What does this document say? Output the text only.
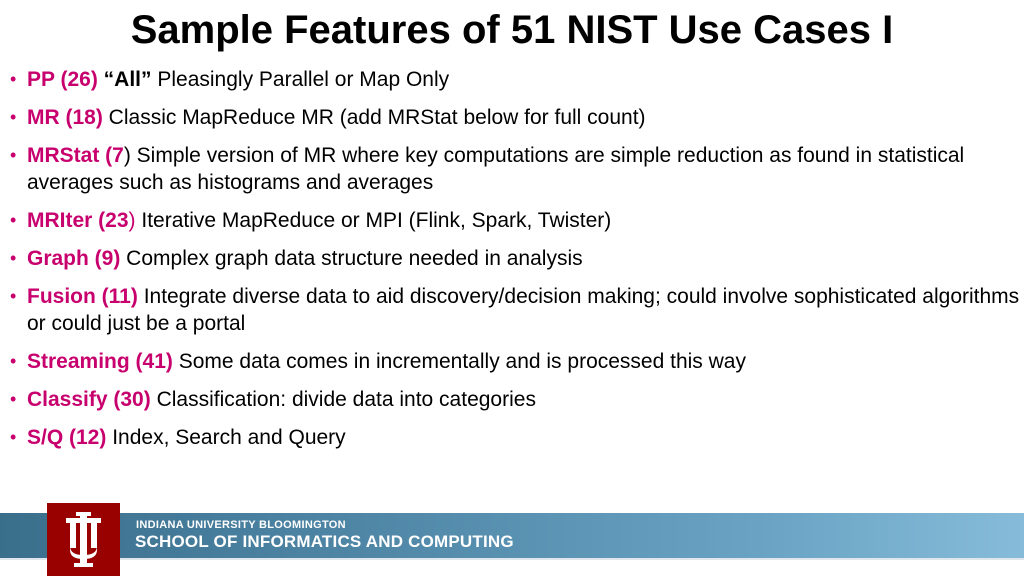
Sample Features of 51 NIST Use Cases I
• PP (26) “All” Pleasingly Parallel or Map Only
• MR (18) Classic MapReduce MR (add MRStat below for full count)
• MRStat (7) Simple version of MR where key computations are simple reduction as found in statistical averages such as histograms and averages
• MRIter (23) Iterative MapReduce or MPI (Flink, Spark, Twister)
• Graph (9) Complex graph data structure needed in analysis
• Fusion (11) Integrate diverse data to aid discovery/decision making; could involve sophisticated algorithms or could just be a portal
• Streaming (41) Some data comes in incrementally and is processed this way
• Classify (30) Classification: divide data into categories
• S/Q (12) Index, Search and Query
INDIANA UNIVERSITY BLOOMINGTON
SCHOOL OF INFORMATICS AND COMPUTING
